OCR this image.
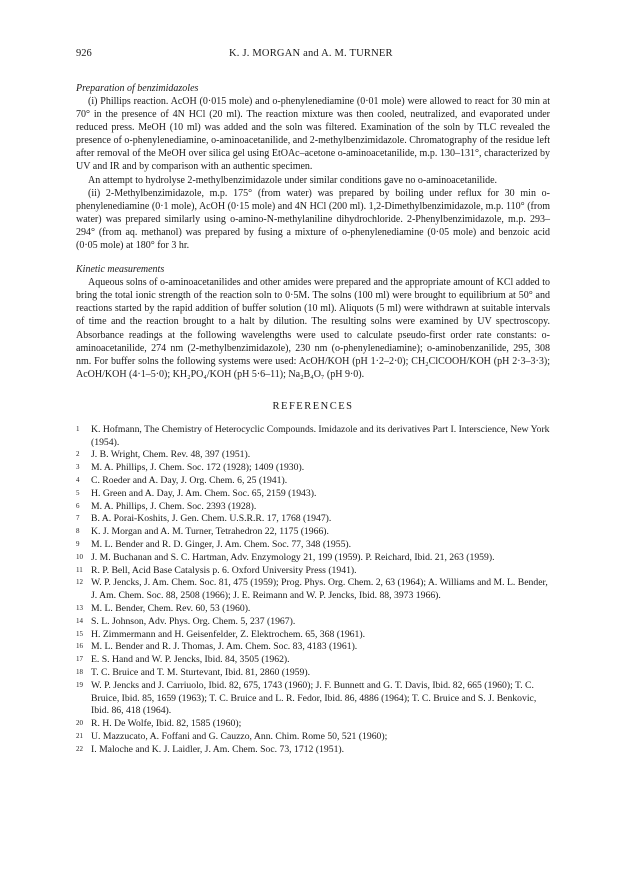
926	K. J. MORGAN and A. M. TURNER
Preparation of benzimidazoles

(i) Phillips reaction. AcOH (0·015 mole) and o-phenylenediamine (0·01 mole) were allowed to react for 30 min at 70° in the presence of 4N HCl (20 ml). The reaction mixture was then cooled, neutralized, and evaporated under reduced press. MeOH (10 ml) was added and the soln was filtered. Examination of the soln by TLC revealed the presence of o-phenylenediamine, o-aminoacetanilide, and 2-methylbenzimidazole. Chromatography of the residue left after removal of the MeOH over silica gel using EtOAc–acetone o-aminoacetanilide, m.p. 130–131°, characterized by UV and IR and by comparison with an authentic specimen.

An attempt to hydrolyse 2-methylbenzimidazole under similar conditions gave no o-aminoacetanilide.

(ii) 2-Methylbenzimidazole, m.p. 175° (from water) was prepared by boiling under reflux for 30 min o-phenylenediamine (0·1 mole), AcOH (0·15 mole) and 4N HCl (200 ml). 1,2-Dimethylbenzimidazole, m.p. 110° (from water) was prepared similarly using o-amino-N-methylaniline dihydrochloride. 2-Phenylbenzimidazole, m.p. 293–294° (from aq. methanol) was prepared by fusing a mixture of o-phenylenediamine (0·05 mole) and benzoic acid (0·05 mole) at 180° for 3 hr.

Kinetic measurements

Aqueous solns of o-aminoacetanilides and other amides were prepared and the appropriate amount of KCl added to bring the total ionic strength of the reaction soln to 0·5M. The solns (100 ml) were brought to equilibrium at 50° and reactions started by the rapid addition of buffer solution (10 ml). Aliquots (5 ml) were withdrawn at suitable intervals of time and the reaction brought to a halt by dilution. The resulting solns were examined by UV spectroscopy. Absorbance readings at the following wavelengths were used to calculate pseudo-first order rate constants: o-aminoacetanilide, 274 nm (2-methylbenzimidazole), 230 nm (o-phenylenediamine); o-aminobenzanilide, 295, 308 nm. For buffer solns the following systems were used: AcOH/KOH (pH 1·2–2·0); CH₂ClCOOH/KOH (pH 2·3–3·3); AcOH/KOH (4·1–5·0); KH₂PO₄/KOH (pH 5·6–11); Na₂B₄O₇ (pH 9·0).

REFERENCES
1	K. Hofmann, The Chemistry of Heterocyclic Compounds. Imidazole and its derivatives Part I. Interscience, New York (1954).
2	J. B. Wright, Chem. Rev. 48, 397 (1951).
3	M. A. Phillips, J. Chem. Soc. 172 (1928); 1409 (1930).
4	C. Roeder and A. Day, J. Org. Chem. 6, 25 (1941).
5	H. Green and A. Day, J. Am. Chem. Soc. 65, 2159 (1943).
6	M. A. Phillips, J. Chem. Soc. 2393 (1928).
7	B. A. Porai-Koshits, J. Gen. Chem. U.S.R.R. 17, 1768 (1947).
8	K. J. Morgan and A. M. Turner, Tetrahedron 22, 1175 (1966).
9	M. L. Bender and R. D. Ginger, J. Am. Chem. Soc. 77, 348 (1955).
10 J. M. Buchanan and S. C. Hartman, Adv. Enzymology 21, 199 (1959). P. Reichard, Ibid. 21, 263 (1959).
11 R. P. Bell, Acid Base Catalysis p. 6. Oxford University Press (1941).
12 W. P. Jencks, J. Am. Chem. Soc. 81, 475 (1959); Prog. Phys. Org. Chem. 2, 63 (1964); A. Williams and M. L. Bender, J. Am. Chem. Soc. 88, 2508 (1966); J. E. Reimann and W. P. Jencks, Ibid. 88, 3973 1966).
13 M. L. Bender, Chem. Rev. 60, 53 (1960).
14 S. L. Johnson, Adv. Phys. Org. Chem. 5, 237 (1967).
15 H. Zimmermann and H. Geisenfelder, Z. Elektrochem. 65, 368 (1961).
16 M. L. Bender and R. J. Thomas, J. Am. Chem. Soc. 83, 4183 (1961).
17 E. S. Hand and W. P. Jencks, Ibid. 84, 3505 (1962).
18 T. C. Bruice and T. M. Sturtevant, Ibid. 81, 2860 (1959).
19 W. P. Jencks and J. Carriuolo, Ibid. 82, 675, 1743 (1960); J. F. Bunnett and G. T. Davis, Ibid. 82, 665 (1960); T. C. Bruice, Ibid. 85, 1659 (1963); T. C. Bruice and L. R. Fedor, Ibid. 86, 4886 (1964); T. C. Bruice and S. J. Benkovic, Ibid. 86, 418 (1964).
20 R. H. De Wolfe, Ibid. 82, 1585 (1960);
21 U. Mazzucato, A. Foffani and G. Cauzzo, Ann. Chim. Rome 50, 521 (1960);
22 I. Maloche and K. J. Laidler, J. Am. Chem. Soc. 73, 1712 (1951).
